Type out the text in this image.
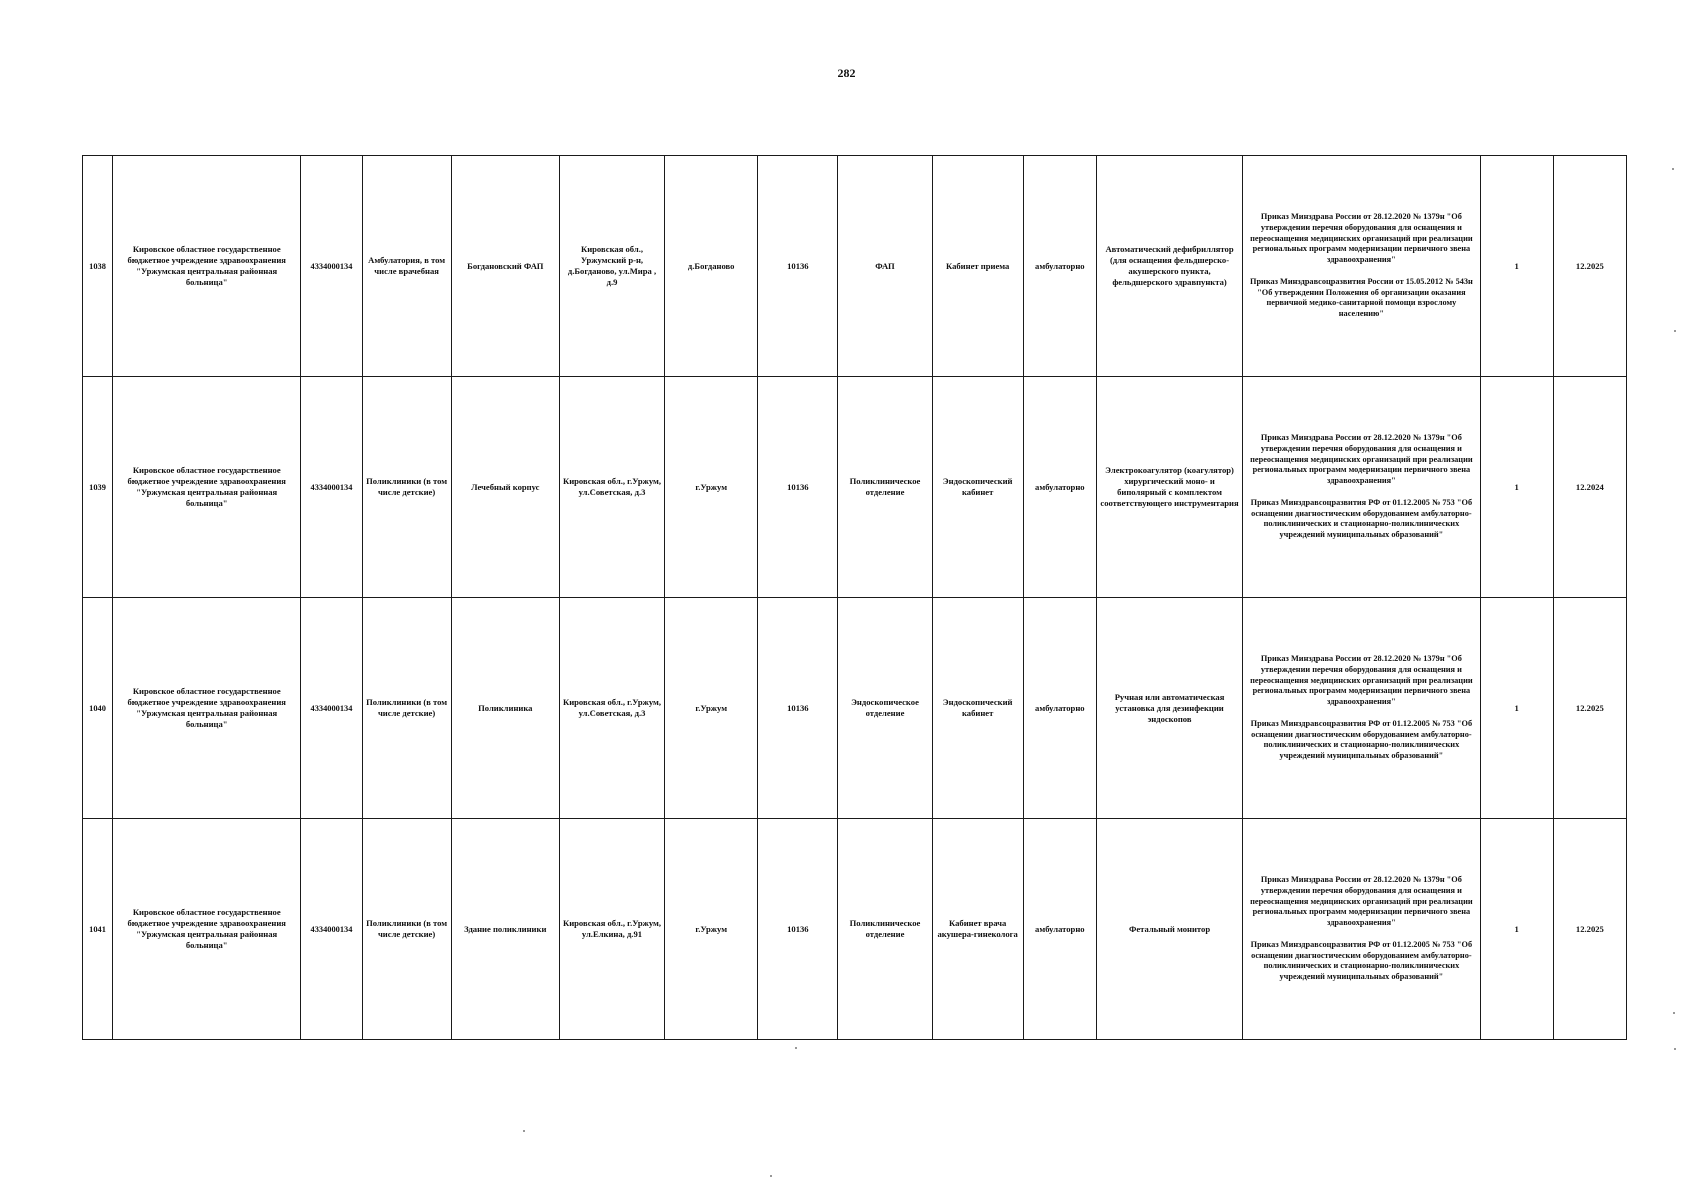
282
1038	Кировское областное государственное бюджетное учреждение здравоохранения "Уржумская центральная районная больница"	4334000134	Амбулатория, в том числе врачебная	Богдановский ФАП	Кировская обл., Уржумский р-н, д.Богданово, ул.Мира , д.9	д.Богданово	10136	ФАП	Кабинет приема	амбулаторно	Автоматический дефибриллятор (для оснащения фельдшерско-акушерского пункта, фельдшерского здравпункта)	Приказ Минздрава России от 28.12.2020 № 1379н "Об утверждении перечня оборудования для оснащения и переоснащения медицинских организаций при реализации региональных программ модернизации первичного звена здравоохранения"
Приказ Минздравсоцразвития России от 15.05.2012 № 543н "Об утверждении Положения об организации оказания первичной медико-санитарной помощи взрослому населению"	1	12.2025
1039	Кировское областное государственное бюджетное учреждение здравоохранения "Уржумская центральная районная больница"	4334000134	Поликлиники (в том числе детские)	Лечебный корпус	Кировская обл., г.Уржум, ул.Советская, д.3	г.Уржум	10136	Поликлиническое отделение	Эндоскопический кабинет	амбулаторно	Электрокоагулятор (коагулятор) хирургический моно- и биполярный с комплектом соответствующего инструментария	Приказ Минздрава России от 28.12.2020 № 1379н "Об утверждении перечня оборудования для оснащения и переоснащения медицинских организаций при реализации региональных программ модернизации первичного звена здравоохранения"
Приказ Минздравсоцразвития РФ от 01.12.2005 № 753 "Об оснащении диагностическим оборудованием амбулаторно-поликлинических и стационарно-поликлинических учреждений муниципальных образований"	1	12.2024
1040	Кировское областное государственное бюджетное учреждение здравоохранения "Уржумская центральная районная больница"	4334000134	Поликлиники (в том числе детские)	Поликлиника	Кировская обл., г.Уржум, ул.Советская, д.3	г.Уржум	10136	Эндоскопическое отделение	Эндоскопический кабинет	амбулаторно	Ручная или автоматическая установка для дезинфекции эндоскопов	Приказ Минздрава России от 28.12.2020 № 1379н "Об утверждении перечня оборудования для оснащения и переоснащения медицинских организаций при реализации региональных программ модернизации первичного звена здравоохранения"
Приказ Минздравсоцразвития РФ от 01.12.2005 № 753 "Об оснащении диагностическим оборудованием амбулаторно-поликлинических и стационарно-поликлинических учреждений муниципальных образований"	1	12.2025
1041	Кировское областное государственное бюджетное учреждение здравоохранения "Уржумская центральная районная больница"	4334000134	Поликлиники (в том числе детские)	Здание поликлиники	Кировская обл., г.Уржум, ул.Елкина, д.91	г.Уржум	10136	Поликлиническое отделение	Кабинет врача акушера-гинеколога	амбулаторно	Фетальный монитор	Приказ Минздрава России от 28.12.2020 № 1379н "Об утверждении перечня оборудования для оснащения и переоснащения медицинских организаций при реализации региональных программ модернизации первичного звена здравоохранения"
Приказ Минздравсоцразвития РФ от 01.12.2005 № 753 "Об оснащении диагностическим оборудованием амбулаторно-поликлинических и стационарно-поликлинических учреждений муниципальных образований"	1	12.2025
